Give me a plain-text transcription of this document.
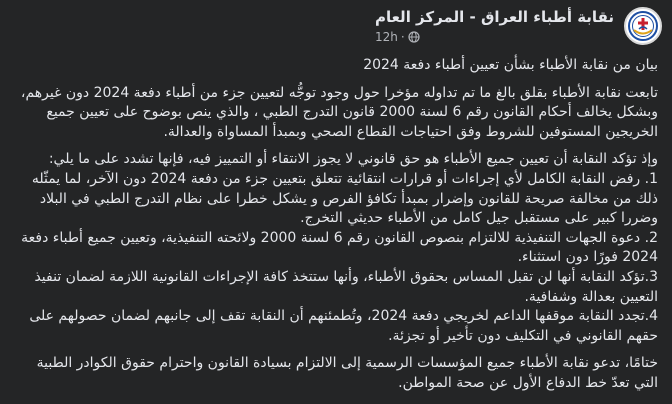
نقابة أطباء العراق - المركز العام
·
12h

بيان من نقابة الأطباء بشأن تعيين أطباء دفعة 2024

تابعت نقابة الأطباء بقلق بالغ ما تم تداوله مؤخرا حول وجود توجُّه لتعيين جزء من أطباء دفعة 2024 دون غيرهم، وبشكل يخالف أحكام القانون رقم 6 لسنة 2000 قانون التدرج الطبي ، والذي ينص بوضوح على تعيين جميع الخريجين المستوفين للشروط وفق احتياجات القطاع الصحي وبمبدأ المساواة والعدالة.

وإذ تؤكد النقابة أن تعيين جميع الأطباء هو حق قانوني لا يجوز الانتقاء أو التمييز فيه، فإنها تشدد على ما يلي:

1. رفض النقابة الكامل لأي إجراءات أو قرارات انتقائية تتعلق بتعيين جزء من دفعة 2024 دون الآخر، لما يمثّله ذلك من مخالفة صريحة للقانون وإضرار بمبدأ تكافؤ الفرص و يشكل خطرا على نظام التدرج الطبي في البلاد وضررا كبير على مستقبل جيل كامل من الأطباء حديثي التخرج.

2. دعوة الجهات التنفيذية للالتزام بنصوص القانون رقم 6 لسنة 2000 ولائحته التنفيذية، وتعيين جميع أطباء دفعة 2024 فورًا دون استثناء.

3.تؤكد النقابة أنها لن تقبل المساس بحقوق الأطباء، وأنها ستتخذ كافة الإجراءات القانونية اللازمة لضمان تنفيذ التعيين بعدالة وشفافية.

4.تجدد النقابة موقفها الداعم لخريجي دفعة 2024، وتُطمئنهم أن النقابة تقف إلى جانبهم لضمان حصولهم على حقهم القانوني في التكليف دون تأخير أو تجزئة.

ختامًا، تدعو نقابة الأطباء جميع المؤسسات الرسمية إلى الالتزام بسيادة القانون واحترام حقوق الكوادر الطبية التي تعدّ خط الدفاع الأول عن صحة المواطن.
